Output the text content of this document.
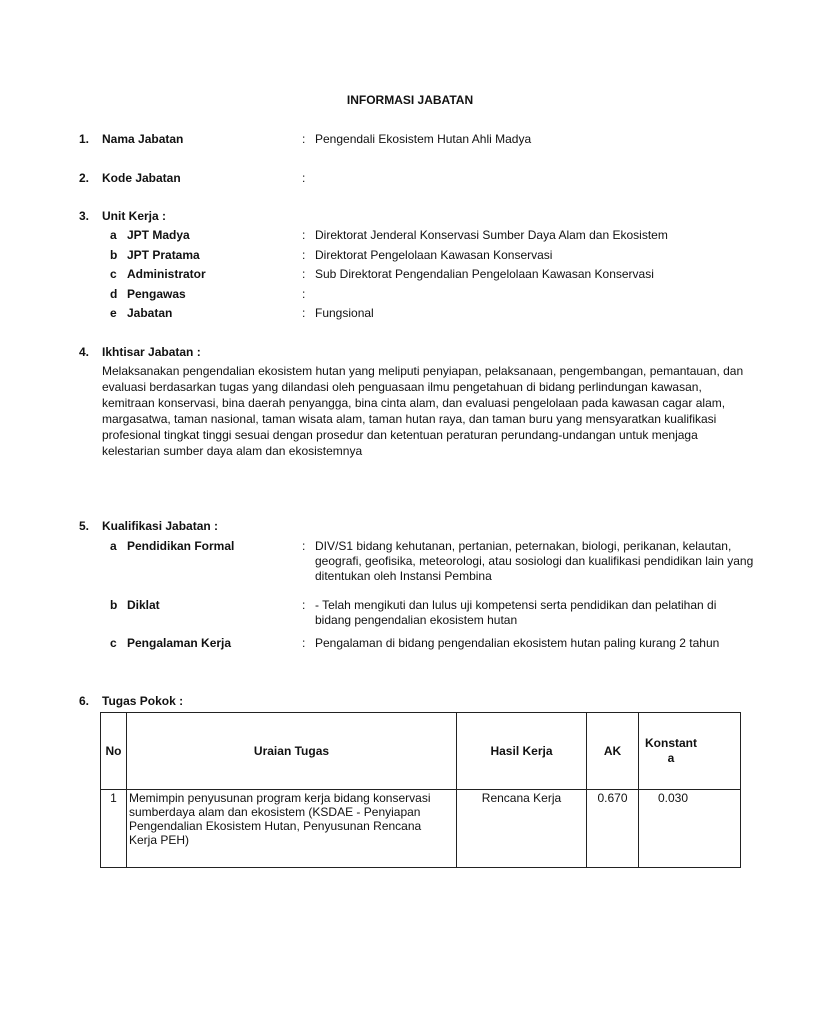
INFORMASI JABATAN
1. Nama Jabatan	: Pengendali Ekosistem Hutan Ahli Madya
2. Kode Jabatan	:
3. Unit Kerja :
a JPT Madya	: Direktorat Jenderal Konservasi Sumber Daya Alam dan Ekosistem
b JPT Pratama	: Direktorat Pengelolaan Kawasan Konservasi
c Administrator	: Sub Direktorat Pengendalian Pengelolaan Kawasan Konservasi
d Pengawas	:
e Jabatan	: Fungsional
4. Ikhtisar Jabatan :
Melaksanakan pengendalian ekosistem hutan yang meliputi penyiapan, pelaksanaan, pengembangan, pemantauan, dan
evaluasi berdasarkan tugas yang dilandasi oleh penguasaan ilmu pengetahuan di bidang perlindungan kawasan,
kemitraan konservasi, bina daerah penyangga, bina cinta alam, dan evaluasi pengelolaan pada kawasan cagar alam,
margasatwa, taman nasional, taman wisata alam, taman hutan raya, dan taman buru yang mensyaratkan kualifikasi
profesional tingkat tinggi sesuai dengan prosedur dan ketentuan peraturan perundang-undangan untuk menjaga
kelestarian sumber daya alam dan ekosistemnya
5. Kualifikasi Jabatan :
a Pendidikan Formal	: DIV/S1 bidang kehutanan, pertanian, peternakan, biologi, perikanan, kelautan,
geografi, geofisika, meteorologi, atau sosiologi dan kualifikasi pendidikan lain yang
ditentukan oleh Instansi Pembina
b Diklat	: - Telah mengikuti dan lulus uji kompetensi serta pendidikan dan pelatihan di
bidang pengendalian ekosistem hutan
c Pengalaman Kerja	: Pengalaman di bidang pengendalian ekosistem hutan paling kurang 2 tahun
6. Tugas Pokok :
No	Uraian Tugas	Hasil Kerja	AK	Konstant
a

1	Memimpin penyusunan program kerja bidang konservasi
sumberdaya alam dan ekosistem (KSDAE - Penyiapan
Pengendalian Ekosistem Hutan, Penyusunan Rencana
Kerja PEH)	Rencana Kerja	0.670	0.030
